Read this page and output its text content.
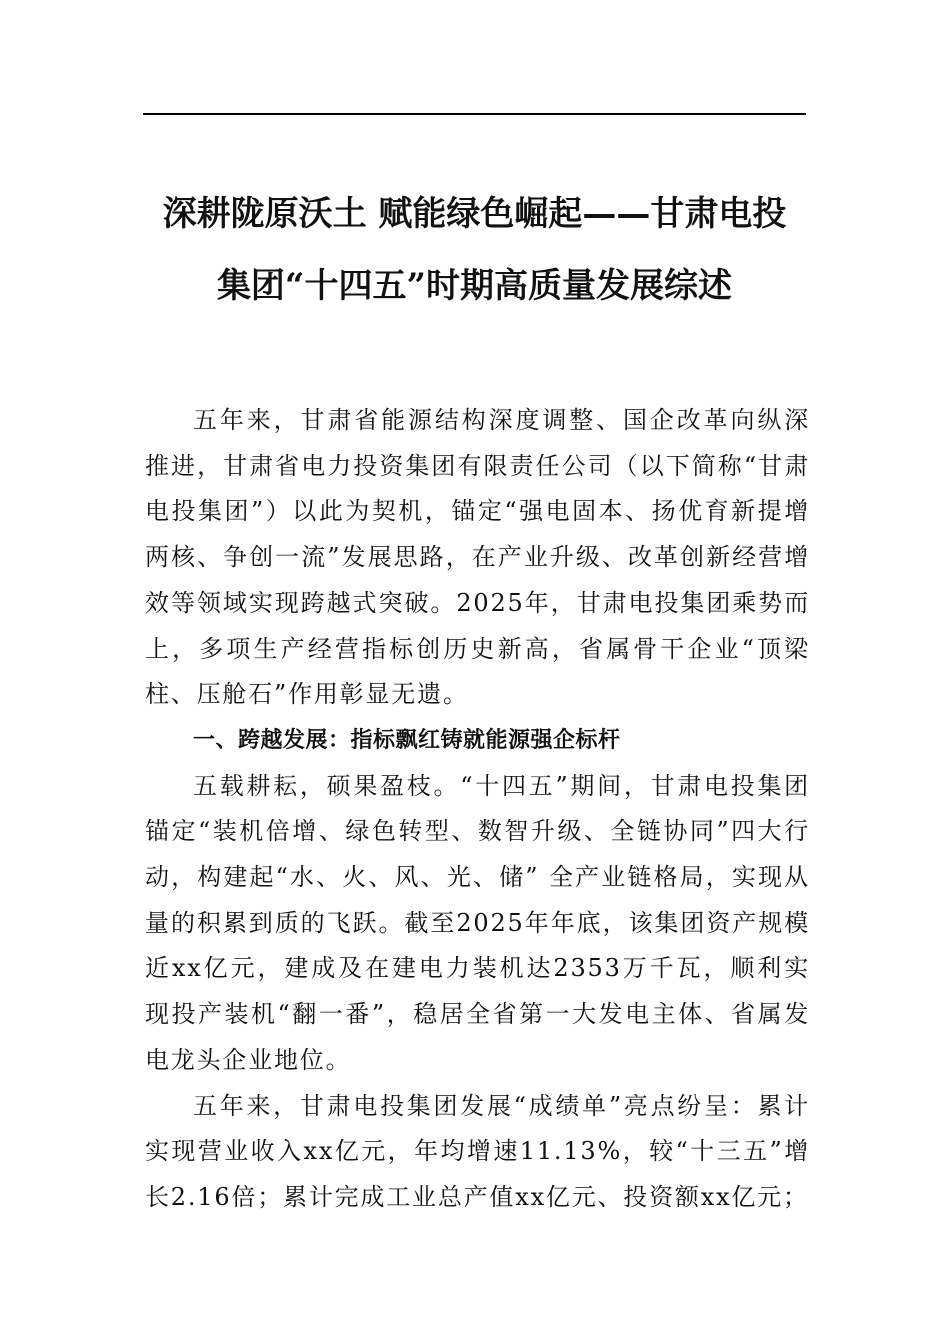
深耕陇原沃土 赋能绿色崛起——甘肃电投
集团“十四五”时期高质量发展综述

五年来，甘肃省能源结构深度调整、国企改革向纵深推进，甘肃省电力投资集团有限责任公司（以下简称“甘肃电投集团”）以此为契机，锚定“强电固本、扬优育新提增两核、争创一流”发展思路，在产业升级、改革创新经营增效等领域实现跨越式突破。2025年，甘肃电投集团乘势而上，多项生产经营指标创历史新高，省属骨干企业“顶梁柱、压舱石”作用彰显无遗。

一、跨越发展：指标飘红铸就能源强企标杆

五载耕耘，硕果盈枝。“十四五”期间，甘肃电投集团锚定“装机倍增、绿色转型、数智升级、全链协同”四大行动，构建起“水、火、风、光、储” 全产业链格局，实现从量的积累到质的飞跃。截至2025年年底，该集团资产规模近xx亿元，建成及在建电力装机达2353万千瓦，顺利实现投产装机“翻一番”，稳居全省第一大发电主体、省属发电龙头企业地位。

五年来，甘肃电投集团发展“成绩单”亮点纷呈：累计实现营业收入xx亿元，年均增速11.13%，较“十三五”增长2.16倍；累计完成工业总产值xx亿元、投资额xx亿元；
